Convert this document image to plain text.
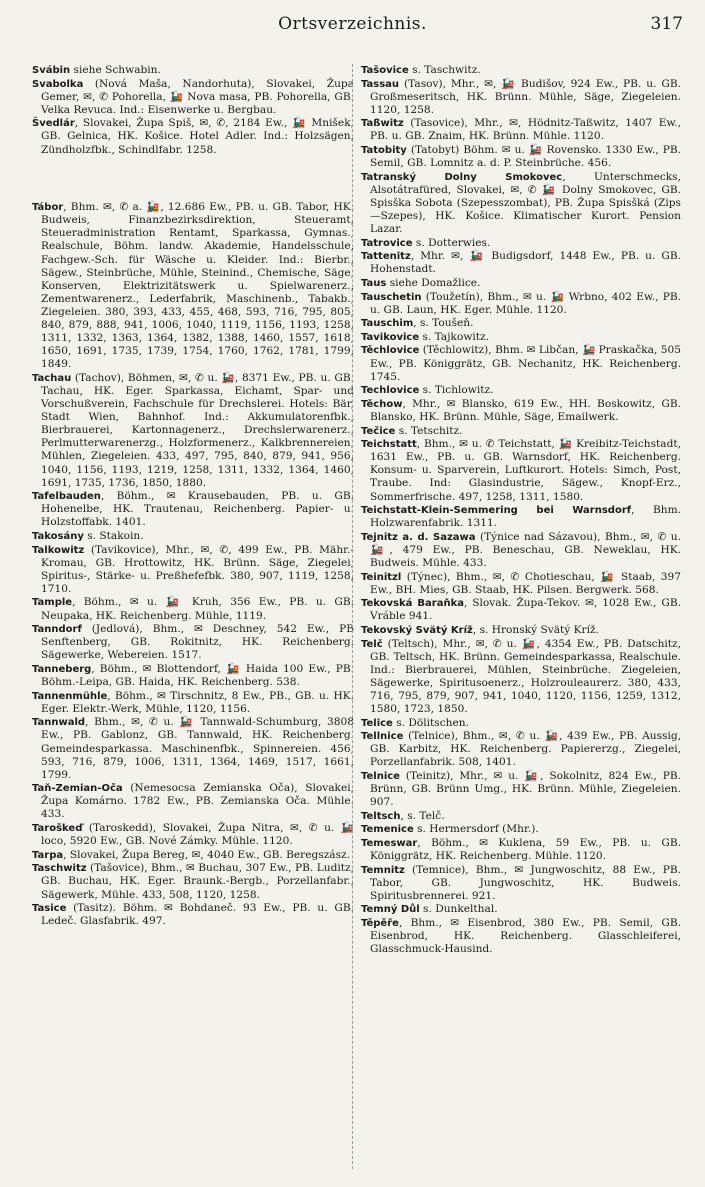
Ortsverzeichnis.	317

Svábin siehe Schwabin.

Svabolka (Nová Maša, Nandorhuta), Slovakei, Župa Gemer, ✉, ✆ Pohorella, 🚂 Nova masa, PB. Pohorella, GB. Velka Revuca. Ind.: Eisenwerke u. Bergbau.

Švedlár, Slovakei, Župa Spiš, ✉, ✆, 2184 Ew., 🚂 Mnišek, GB. Gelnica, HK. Košice. Hotel Adler. Ind.: Holzsägen, Zündholzfbk., Schindlfabr. 1258.

Tábor, Bhm. ✉, ✆ a. 🚂, 12.686 Ew., PB. u. GB. Tabor, HK. Budweis, Finanzbezirksdirektion, Steueramt, Steueradministration Rentamt, Sparkassa, Gymnas., Realschule, Böhm. landw. Akademie, Handelsschule, Fachgew.-Sch. für Wäsche u. Kleider. Ind.: Bierbr., Sägew., Steinbrüche, Mühle, Steinind., Chemische, Säge, Konserven, Elektrizitätswerk u. Spielwarenerz., Zementwarenerz., Lederfabrik, Maschinenb., Tabakb., Ziegeleien. 380, 393, 433, 455, 468, 593, 716, 795, 805, 840, 879, 888, 941, 1006, 1040, 1119, 1156, 1193, 1258, 1311, 1332, 1363, 1364, 1382, 1388, 1460, 1557, 1618, 1650, 1691, 1735, 1739, 1754, 1760, 1762, 1781, 1799, 1849.

Tachau (Tachov), Böhmen, ✉, ✆ u. 🚂, 8371 Ew., PB. u. GB. Tachau, HK. Eger. Sparkassa, Eichamt, Spar- und Vorschußverein, Fachschule für Drechslerei. Hotels: Bär, Stadt Wien, Bahnhof. Ind.: Akkumulatorenfbk., Bierbrauerei, Kartonnagenerz., Drechslerwarenerz., Perlmutterwarenerzg., Holzformenerz., Kalkbrennereien, Mühlen, Ziegeleien. 433, 497, 795, 840, 879, 941, 956, 1040, 1156, 1193, 1219, 1258, 1311, 1332, 1364, 1460, 1691, 1735, 1736, 1850, 1880.

Tafelbauden, Böhm., ✉ Krausebauden, PB. u. GB. Hohenelbe, HK. Trautenau, Reichenberg. Papier- u. Holzstoffabk. 1401.

Takosány s. Stakoin.

Talkowitz (Tavikovice), Mhr., ✉, ✆, 499 Ew., PB. Mähr.-Kromau, GB. Hrottowitz, HK. Brünn. Säge, Ziegelei, Spiritus-, Stärke- u. Preßhefefbk. 380, 907, 1119, 1258, 1710.

Tample, Böhm., ✉ u. 🚂 Kruh, 356 Ew., PB. u. GB. Neupaka, HK. Reichenberg. Mühle, 1119.

Tanndorf (Jedlová), Bhm., ✉ Deschney, 542 Ew., PB Senftenberg, GB. Rokitnitz, HK. Reichenberg. Sägewerke, Webereien. 1517.

Tanneberg, Böhm., ✉ Blottendorf, 🚂 Haida 100 Ew., PB. Böhm.-Leipa, GB. Haida, HK. Reichenberg. 538.

Tannenmühle, Böhm., ✉ Tirschnitz, 8 Ew., PB., GB. u. HK. Eger. Elektr.-Werk, Mühle, 1120, 1156.

Tannwald, Bhm., ✉, ✆ u. 🚂 Tannwald-Schumburg, 3808 Ew., PB. Gablonz, GB. Tannwald, HK. Reichenberg. Gemeindesparkassa. Maschinenfbk., Spinnereien. 456, 593, 716, 879, 1006, 1311, 1364, 1469, 1517, 1661, 1799.

Taň-Zemian-Oča (Nemesocsa Zemianska Oča), Slovakei, Župa Komárno. 1782 Ew., PB. Zemianska Oča. Mühle. 433.

Taroškeď (Taroskedd), Slovakei, Župa Nitra, ✉, ✆ u. 🚂 loco, 5920 Ew., GB. Nové Zámky. Mühle. 1120.

Tarpa, Slovakei, Župa Bereg, ✉, 4040 Ew., GB. Beregszász.

Taschwitz (Tašovice), Bhm., ✉ Buchau, 307 Ew., PB. Luditz, GB. Buchau, HK. Eger. Braunk.-Bergb., Porzellanfabr., Sägewerk, Mühle. 433, 508, 1120, 1258.

Tasice (Tasitz). Böhm. ✉ Bohdaneč. 93 Ew., PB. u. GB. Ledeč. Glasfabrik. 497.

Tašovice s. Taschwitz.

Tassau (Tasov), Mhr., ✉, 🚂 Budišov, 924 Ew., PB. u. GB. Großmeseritsch, HK. Brünn. Mühle, Säge, Ziegeleien. 1120, 1258.

Taßwitz (Tasovice), Mhr., ✉, Hödnitz-Taßwitz, 1407 Ew., PB. u. GB. Znaim, HK. Brünn. Mühle. 1120.

Tatobity (Tatobyt) Böhm. ✉ u. 🚂 Rovensko. 1330 Ew., PB. Semil, GB. Lomnitz a. d. P. Steinbrüche. 456.

Tatranský Dolny Smokovec, Unterschmecks, Alsotátrafüred, Slovakei, ✉, ✆ 🚂 Dolny Smokovec, GB. Spisška Sobota (Szepesszombat), PB. Župa Spisšká (Zips—Szepes), HK. Košice. Klimatischer Kurort. Pension Lazar.

Tatrovice s. Dotterwies.

Tattenitz, Mhr. ✉, 🚂 Budigsdorf, 1448 Ew., PB. u. GB. Hohenstadt.

Taus siehe Domažlice.

Tauschetin (Toužetín), Bhm., ✉ u. 🚂 Wrbno, 402 Ew., PB. u. GB. Laun, HK. Eger. Mühle. 1120.

Tauschim, s. Toušeň.

Tavikovice s. Tajkowitz.

Těchlovice (Těchlowitz), Bhm. ✉ Libčan, 🚂 Praskačka, 505 Ew., PB. Königgrätz, GB. Nechanitz, HK. Reichenberg. 1745.

Techlovice s. Tichlowitz.

Těchow, Mhr., ✉ Blansko, 619 Ew., HH. Boskowitz, GB. Blansko, HK. Brünn. Mühle, Säge, Emailwerk.

Tečice s. Tetschitz.

Teichstatt, Bhm., ✉ u. ✆ Teichstatt, 🚂 Kreibitz-Teichstadt, 1631 Ew., PB. u. GB. Warnsdorf, HK. Reichenberg. Konsum- u. Sparverein, Luftkurort. Hotels: Simch, Post, Traube. Ind: Glasindustrie, Sägew., Knopf-Erz., Sommerfrische. 497, 1258, 1311, 1580.

Teichstatt-Klein-Semmering bei Warnsdorf, Bhm. Holzwarenfabrik. 1311.

Tejnitz a. d. Sazawa (Týnice nad Sázavou), Bhm., ✉, ✆ u. 🚂, 479 Ew., PB. Beneschau, GB. Neweklau, HK. Budweis. Mühle. 433.

Teinitzl (Týnec), Bhm., ✉, ✆ Chotieschau, 🚂 Staab, 397 Ew., BH. Mies, GB. Staab, HK. Pilsen. Bergwerk. 568.

Tekovská Baraňka, Slovak. Župa-Tekov. ✉, 1028 Ew., GB. Vráble 941.

Tekovský Svätý Kríž, s. Hronský Svätý Kríž.

Telč (Teltsch), Mhr., ✉, ✆ u. 🚂, 4354 Ew., PB. Datschitz, GB. Teltsch, HK. Brünn. Gemeindesparkassa, Realschule. Ind.: Bierbrauerei, Mühlen, Steinbrüche. Ziegeleien, Sägewerke, Spiritusoenerz., Holzrouleaurerz. 380, 433, 716, 795, 879, 907, 941, 1040, 1120, 1156, 1259, 1312, 1580, 1723, 1850.

Telice s. Dölitschen.

Tellnice (Telnice), Bhm., ✉, ✆ u. 🚂, 439 Ew., PB. Aussig, GB. Karbitz, HK. Reichenberg. Papiererzg., Ziegelei, Porzellanfabrik. 508, 1401.

Telnice (Teinitz), Mhr., ✉ u. 🚂, Sokolnitz, 824 Ew., PB. Brünn, GB. Brünn Umg., HK. Brünn. Mühle, Ziegeleien. 907.

Teltsch, s. Telč.

Temenice s. Hermersdorf (Mhr.).

Temeswar, Böhm., ✉ Kuklena, 59 Ew., PB. u. GB. Königgrätz, HK. Reichenberg. Mühle. 1120.

Temnitz (Temnice), Bhm., ✉ Jungwoschitz, 88 Ew., PB. Tabor, GB. Jungwoschitz, HK. Budweis. Spiritusbrennerei. 921.

Temný Důl s. Dunkelthal.

Těpěře, Bhm., ✉ Eisenbrod, 380 Ew., PB. Semil, GB. Eisenbrod, HK. Reichenberg. Glasschleiferei, Glasschmuck-Hausind.
